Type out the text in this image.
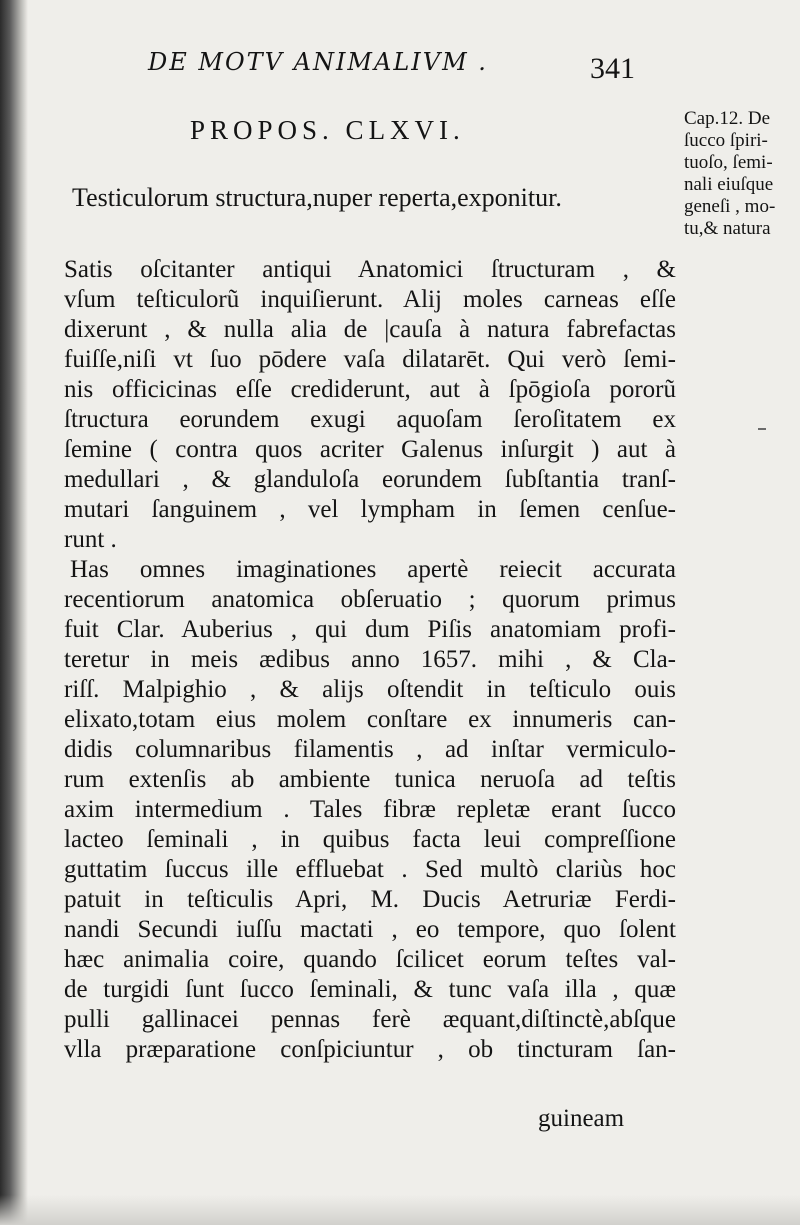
DE MOTV ANIMALIVM .	341
PROPOS. CLXVI.
Testiculorum structura,nuper reperta,exponitur.
Cap.12. De
ſucco ſpiri-
tuoſo, ſemi-
nali eiuſque
geneſi , mo-
tu,& natura
Satis oſcitanter antiqui Anatomici ſtructuram , &
vſum teſticulorũ inquiſierunt. Alij moles carneas eſſe
dixerunt , & nulla alia de |cauſa à natura fabrefactas
fuiſſe,niſi vt ſuo pōdere vaſa dilatarēt. Qui verò ſemi-
nis officicinas eſſe crediderunt, aut à ſpōgioſa pororũ
ſtructura eorundem exugi aquoſam ſeroſitatem ex
ſemine ( contra quos acriter Galenus inſurgit ) aut à
medullari , & glanduloſa eorundem ſubſtantia tranſ-
mutari ſanguinem , vel lympham in ſemen cenſue-
runt .
Has omnes imaginationes apertè reiecit accurata
recentiorum anatomica obſeruatio ; quorum primus
fuit Clar. Auberius , qui dum Piſis anatomiam profi-
teretur in meis ædibus anno 1657. mihi , & Cla-
riſſ. Malpighio , & alijs oſtendit in teſticulo ouis
elixato,totam eius molem conſtare ex innumeris can-
didis columnaribus filamentis , ad inſtar vermiculo-
rum extenſis ab ambiente tunica neruoſa ad teſtis
axim intermedium . Tales fibræ repletæ erant ſucco
lacteo ſeminali , in quibus facta leui compreſſione
guttatim ſuccus ille effluebat . Sed multò clariùs hoc
patuit in teſticulis Apri, M. Ducis Aetruriæ Ferdi-
nandi Secundi iuſſu mactati , eo tempore, quo ſolent
hæc animalia coire, quando ſcilicet eorum teſtes val-
de turgidi ſunt ſucco ſeminali, & tunc vaſa illa , quæ
pulli gallinacei pennas ferè æquant,diſtinctè,abſque
vlla præparatione conſpiciuntur , ob tincturam ſan-
guineam
